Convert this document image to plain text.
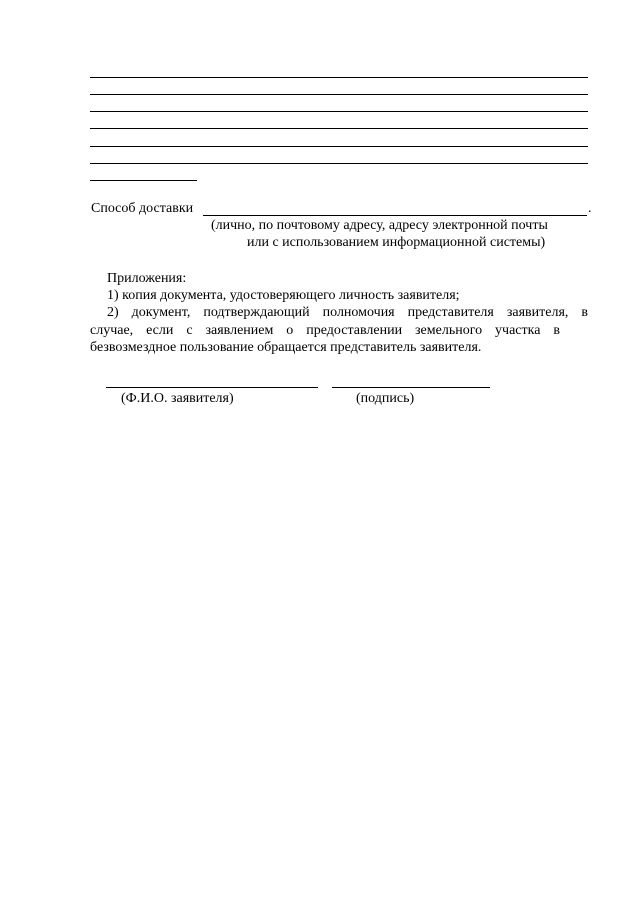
Способ доставки	.
(лично, по почтовому адресу, адресу электронной почты
или с использованием информационной системы)
Приложения:
1) копия документа, удостоверяющего личность заявителя;
2) документ, подтверждающий полномочия представителя заявителя, в
случае, если с заявлением о предоставлении земельного участка в
безвозмездное пользование обращается представитель заявителя.
(Ф.И.О. заявителя)	(подпись)
